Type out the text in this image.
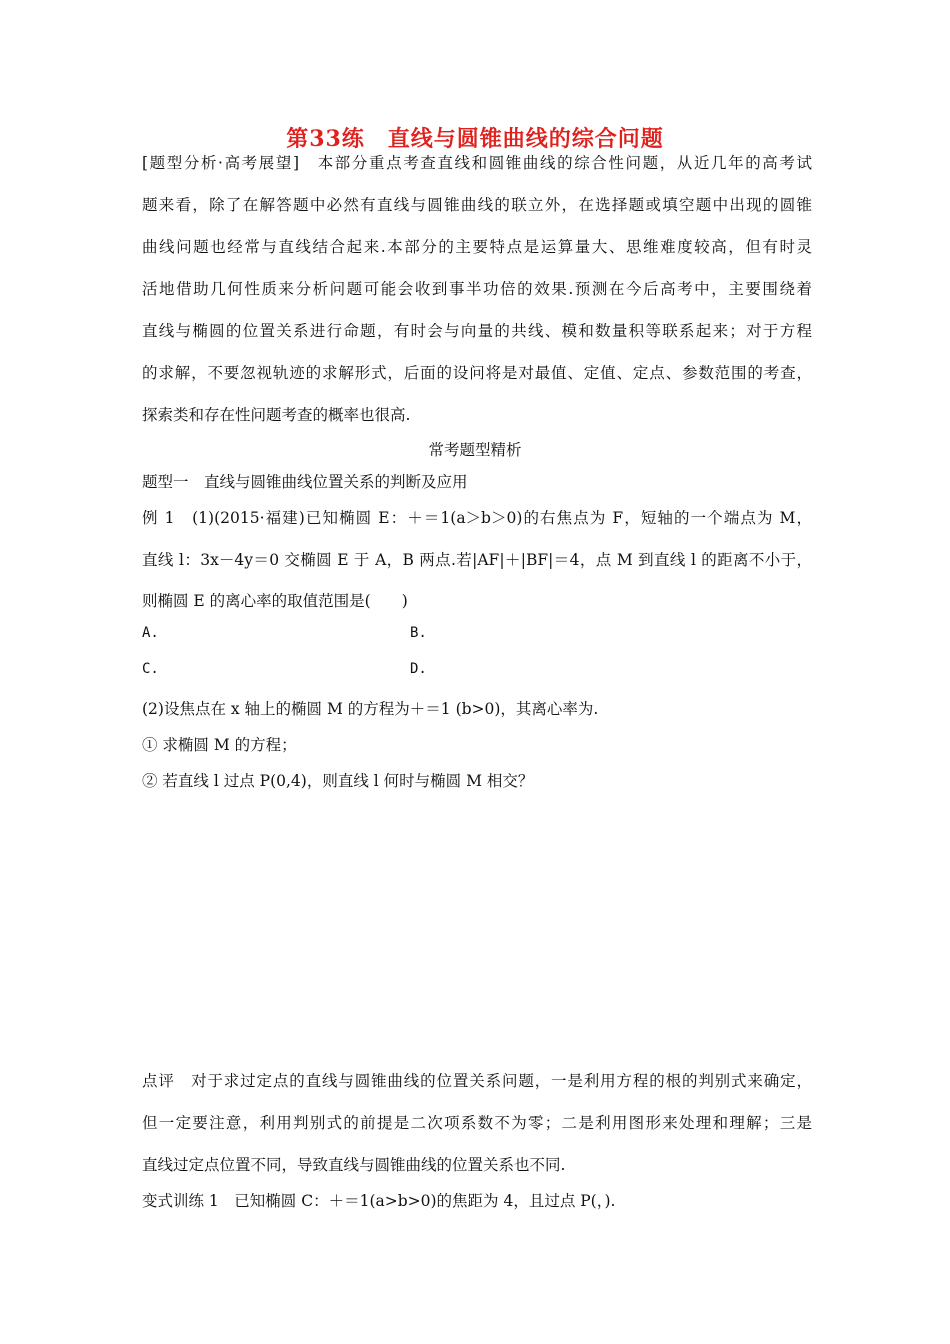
第33练　直线与圆锥曲线的综合问题
[题型分析·高考展望]　本部分重点考查直线和圆锥曲线的综合性问题，从近几年的高考试
题来看，除了在解答题中必然有直线与圆锥曲线的联立外，在选择题或填空题中出现的圆锥
曲线问题也经常与直线结合起来.本部分的主要特点是运算量大、思维难度较高，但有时灵
活地借助几何性质来分析问题可能会收到事半功倍的效果.预测在今后高考中，主要围绕着
直线与椭圆的位置关系进行命题，有时会与向量的共线、模和数量积等联系起来；对于方程
的求解，不要忽视轨迹的求解形式，后面的设问将是对最值、定值、定点、参数范围的考查，
探索类和存在性问题考查的概率也很高.
常考题型精析
题型一　直线与圆锥曲线位置关系的判断及应用
例 1　(1)(2015·福建)已知椭圆 E：＋＝1(a＞b＞0)的右焦点为 F，短轴的一个端点为 M，
直线 l：3x－4y＝0 交椭圆 E 于 A，B 两点.若|AF|＋|BF|＝4，点 M 到直线 l 的距离不小于，
则椭圆 E 的离心率的取值范围是(　　)
A.	B.
C.	D.
(2)设焦点在 x 轴上的椭圆 M 的方程为＋＝1 (b>0)，其离心率为.
① 求椭圆 M 的方程；
② 若直线 l 过点 P(0,4)，则直线 l 何时与椭圆 M 相交？
点评　对于求过定点的直线与圆锥曲线的位置关系问题，一是利用方程的根的判别式来确定，
但一定要注意，利用判别式的前提是二次项系数不为零；二是利用图形来处理和理解；三是
直线过定点位置不同，导致直线与圆锥曲线的位置关系也不同.
变式训练 1　已知椭圆 C：＋＝1(a>b>0)的焦距为 4，且过点 P(，).
